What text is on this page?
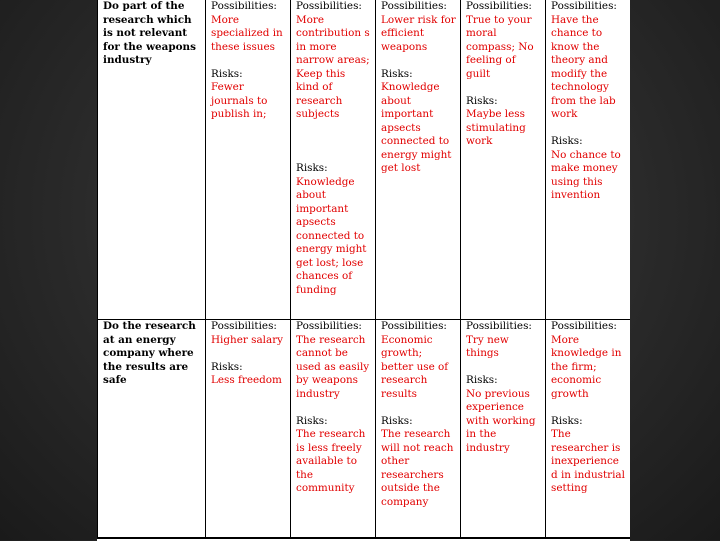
Do part of the research which is not relevant for the weapons industry	Possibilities:
More specialized in these issues
Risks:
Fewer journals to publish in;	Possibilities:
More contribution s in more narrow areas; Keep this kind of research subjects
Risks:
Knowledge about important apsects connected to energy might get lost; lose chances of funding	Possibilities:
Lower risk for efficient weapons
Risks:
Knowledge about important apsects connected to energy might get lost	Possibilities:
True to your moral compass; No feeling of guilt
Risks:
Maybe less stimulating work	Possibilities:
Have the chance to know the theory and modify the technology from the lab work
Risks:
No chance to make money using this invention

Do the research at an energy company where the results are safe	Possibilities:
Higher salary
Risks:
Less freedom	Possibilities:
The research cannot be used as easily by weapons industry
Risks:
The research is less freely available to the community	Possibilities:
Economic growth; better use of research results
Risks:
The research will not reach other researchers outside the company	Possibilities:
Try new things
Risks:
No previous experience with working in the industry	Possibilities:
More knowledge in the firm; economic growth
Risks:
The researcher is inexperience d in industrial setting
